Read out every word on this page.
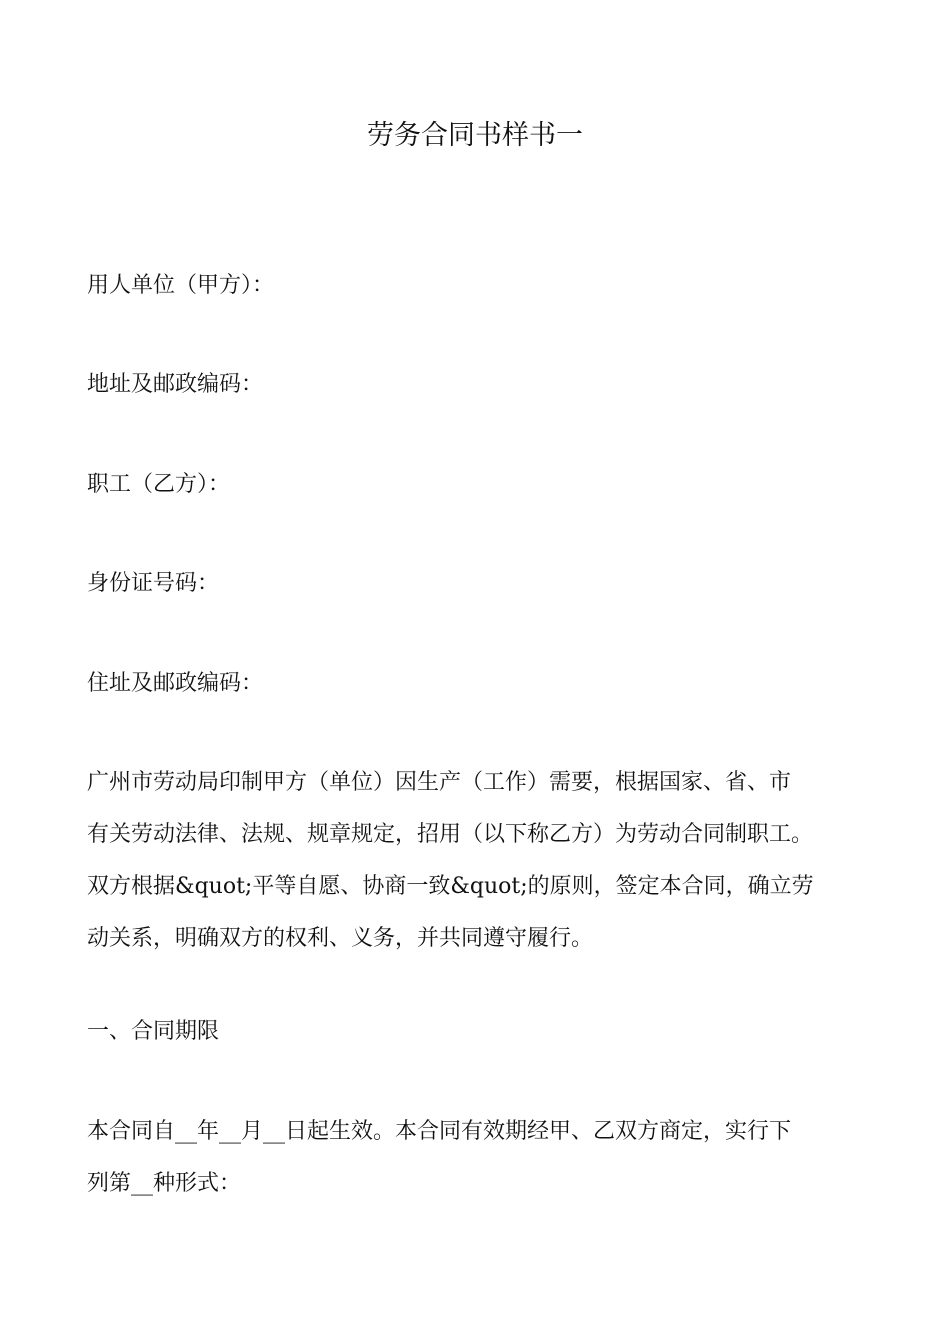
劳务合同书样书一
用人单位（甲方）：
地址及邮政编码：
职工（乙方）：
身份证号码：
住址及邮政编码：
广州市劳动局印制甲方（单位）因生产（工作）需要，根据国家、省、市
有关劳动法律、法规、规章规定，招用（以下称乙方）为劳动合同制职工。
双方根据&quot;平等自愿、协商一致&quot;的原则，签定本合同，确立劳
动关系，明确双方的权利、义务，并共同遵守履行。
一、合同期限
本合同自__年__月__日起生效。本合同有效期经甲、乙双方商定，实行下
列第__种形式：
